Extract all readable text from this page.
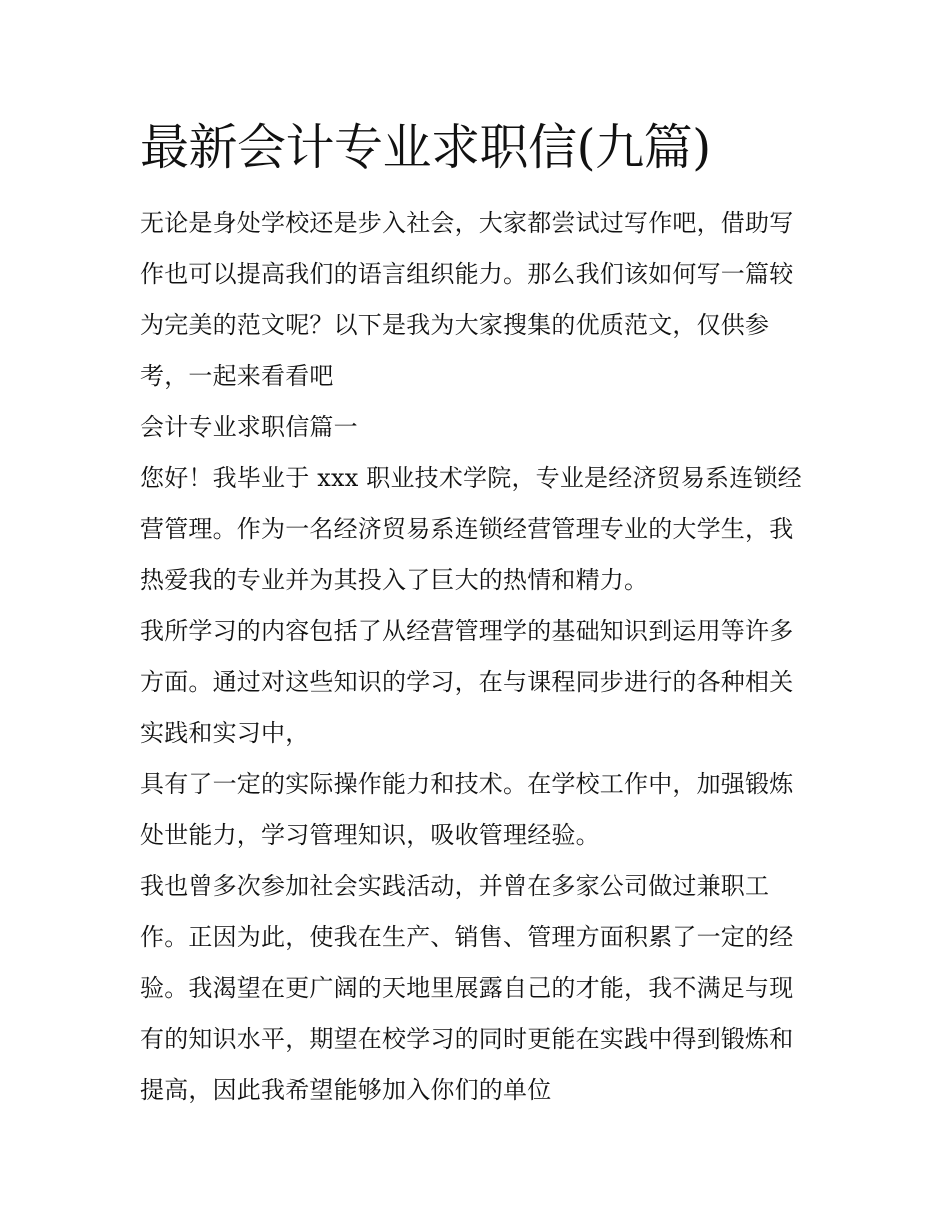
最新会计专业求职信(九篇)

无论是身处学校还是步入社会，大家都尝试过写作吧，借助写

作也可以提高我们的语言组织能力。那么我们该如何写一篇较

为完美的范文呢？以下是我为大家搜集的优质范文，仅供参

考，一起来看看吧

会计专业求职信篇一

您好！我毕业于 xxx 职业技术学院，专业是经济贸易系连锁经

营管理。作为一名经济贸易系连锁经营管理专业的大学生，我

热爱我的专业并为其投入了巨大的热情和精力。

我所学习的内容包括了从经营管理学的基础知识到运用等许多

方面。通过对这些知识的学习，在与课程同步进行的各种相关

实践和实习中，

具有了一定的实际操作能力和技术。在学校工作中，加强锻炼

处世能力，学习管理知识，吸收管理经验。

我也曾多次参加社会实践活动，并曾在多家公司做过兼职工

作。正因为此，使我在生产、销售、管理方面积累了一定的经

验。我渴望在更广阔的天地里展露自己的才能，我不满足与现

有的知识水平，期望在校学习的同时更能在实践中得到锻炼和

提高，因此我希望能够加入你们的单位
